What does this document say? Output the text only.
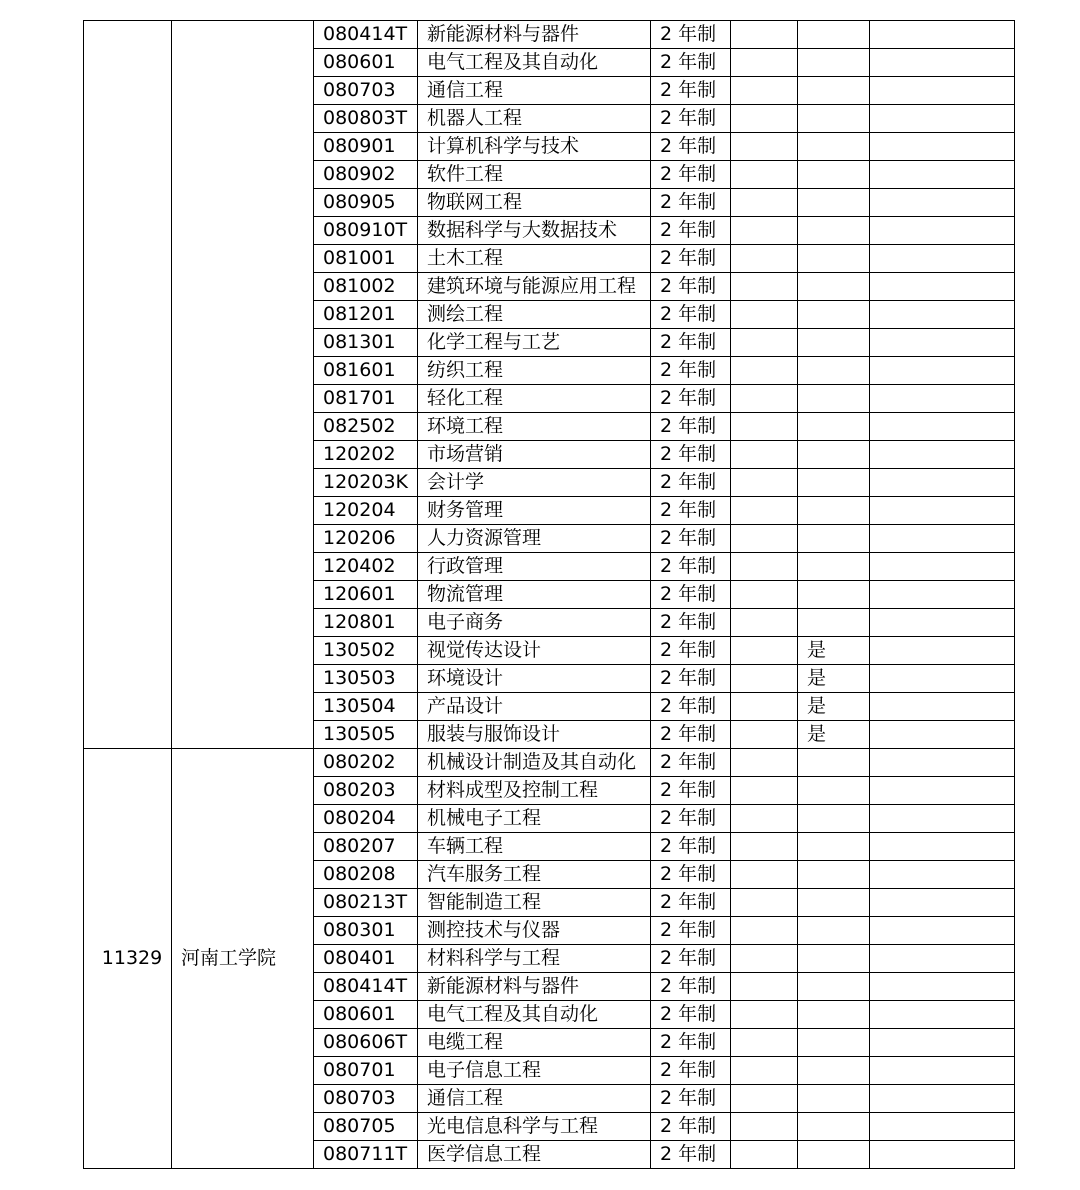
		080414T	新能源材料与器件	2 年制			
		080601	电气工程及其自动化	2 年制			
		080703	通信工程	2 年制			
		080803T	机器人工程	2 年制			
		080901	计算机科学与技术	2 年制			
		080902	软件工程	2 年制			
		080905	物联网工程	2 年制			
		080910T	数据科学与大数据技术	2 年制			
		081001	土木工程	2 年制			
		081002	建筑环境与能源应用工程	2 年制			
		081201	测绘工程	2 年制			
		081301	化学工程与工艺	2 年制			
		081601	纺织工程	2 年制			
		081701	轻化工程	2 年制			
		082502	环境工程	2 年制			
		120202	市场营销	2 年制			
		120203K	会计学	2 年制			
		120204	财务管理	2 年制			
		120206	人力资源管理	2 年制			
		120402	行政管理	2 年制			
		120601	物流管理	2 年制			
		120801	电子商务	2 年制			
		130502	视觉传达设计	2 年制		是	
		130503	环境设计	2 年制		是	
		130504	产品设计	2 年制		是	
		130505	服装与服饰设计	2 年制		是	
11329	河南工学院	080202	机械设计制造及其自动化	2 年制			
		080203	材料成型及控制工程	2 年制			
		080204	机械电子工程	2 年制			
		080207	车辆工程	2 年制			
		080208	汽车服务工程	2 年制			
		080213T	智能制造工程	2 年制			
		080301	测控技术与仪器	2 年制			
		080401	材料科学与工程	2 年制			
		080414T	新能源材料与器件	2 年制			
		080601	电气工程及其自动化	2 年制			
		080606T	电缆工程	2 年制			
		080701	电子信息工程	2 年制			
		080703	通信工程	2 年制			
		080705	光电信息科学与工程	2 年制			
		080711T	医学信息工程	2 年制			
